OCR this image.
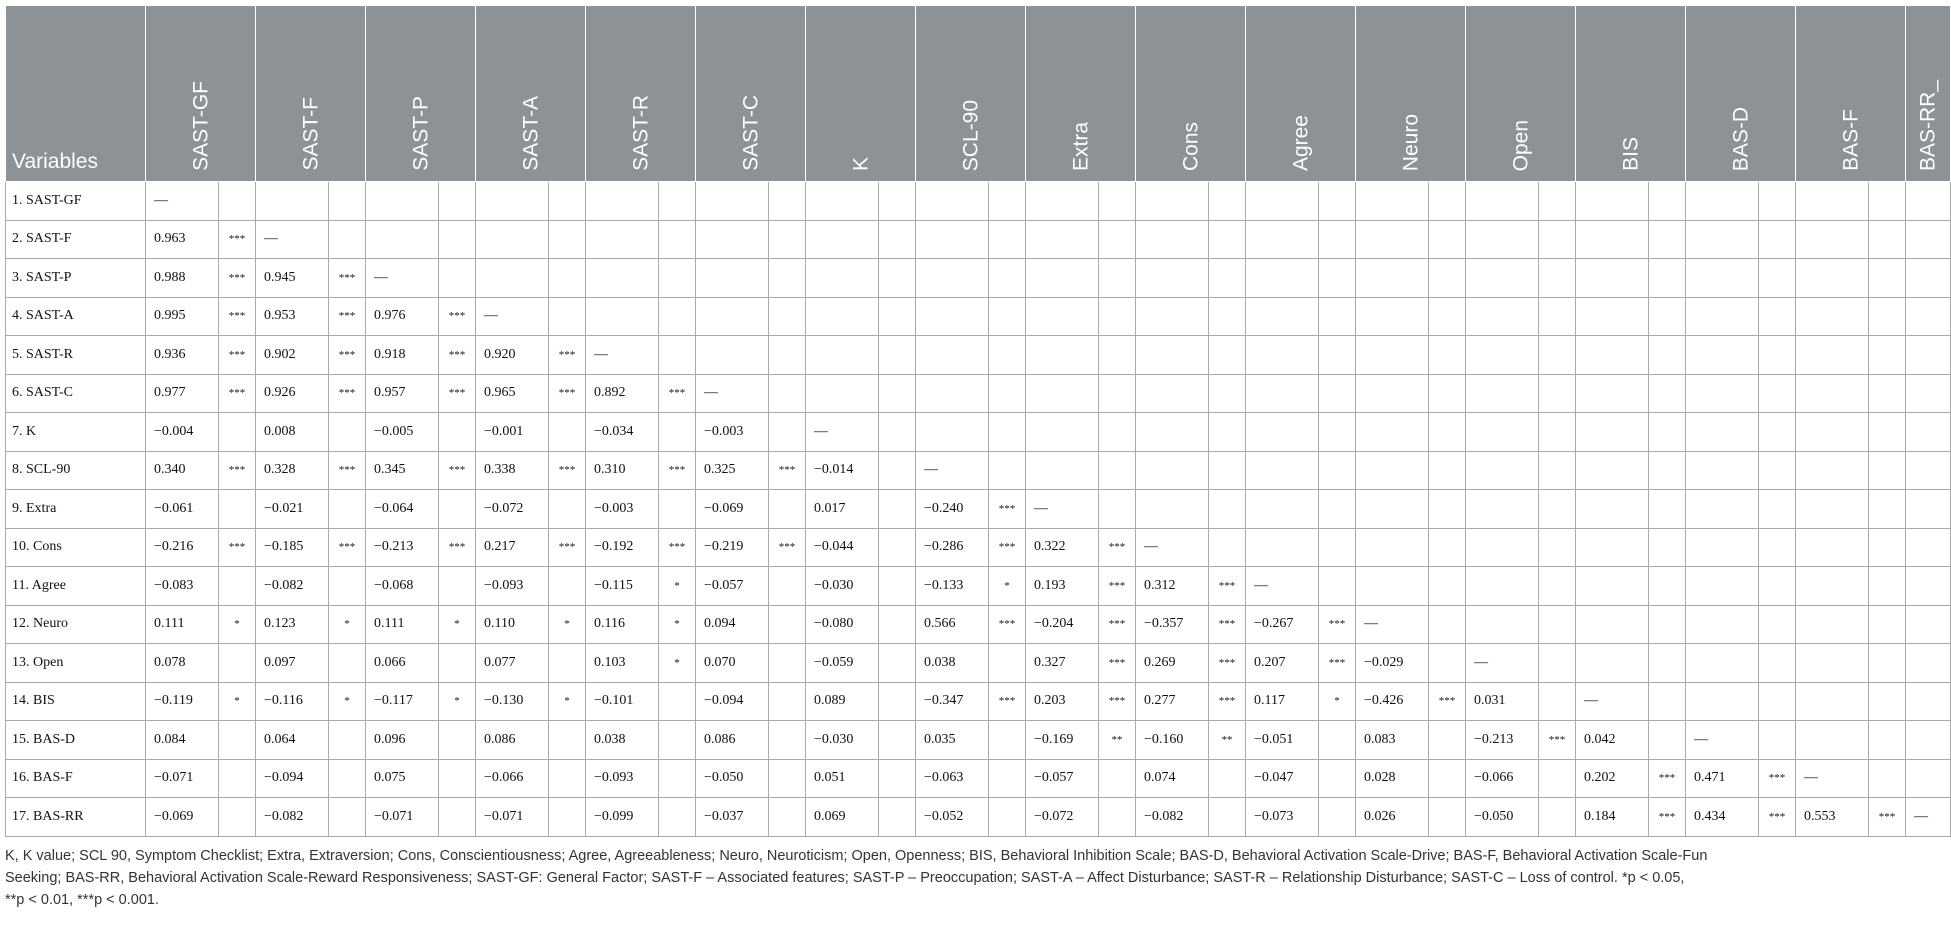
Variables	SAST-GF		SAST-F		SAST-P		SAST-A		SAST-R		SAST-C		K		SCL-90		Extra		Cons		Agree		Neuro		Open		BIS		BAS-D		BAS-F		BAS-RR_

1. SAST-GF	—																																
2. SAST-F	0.963	***	—																														
3. SAST-P	0.988	***	0.945	***	—																												
4. SAST-A	0.995	***	0.953	***	0.976	***	—																										
5. SAST-R	0.936	***	0.902	***	0.918	***	0.920	***	—																								
6. SAST-C	0.977	***	0.926	***	0.957	***	0.965	***	0.892	***	—																						
7. K	−0.004		0.008		−0.005		−0.001		−0.034		−0.003		—																				
8. SCL-90	0.340	***	0.328	***	0.345	***	0.338	***	0.310	***	0.325	***	−0.014		—																		
9. Extra	−0.061		−0.021		−0.064		−0.072		−0.003		−0.069		0.017		−0.240	***	—																
10. Cons	−0.216	***	−0.185	***	−0.213	***	0.217	***	−0.192	***	−0.219	***	−0.044		−0.286	***	0.322	***	—														
11. Agree	−0.083		−0.082		−0.068		−0.093		−0.115	*	−0.057		−0.030		−0.133	*	0.193	***	0.312	***	—												
12. Neuro	0.111	*	0.123	*	0.111	*	0.110	*	0.116	*	0.094		−0.080		0.566	***	−0.204	***	−0.357	***	−0.267	***	—										
13. Open	0.078		0.097		0.066		0.077		0.103	*	0.070		−0.059		0.038		0.327	***	0.269	***	0.207	***	−0.029		—								
14. BIS	−0.119	*	−0.116	*	−0.117	*	−0.130	*	−0.101		−0.094		0.089		−0.347	***	0.203	***	0.277	***	0.117	*	−0.426	***	0.031		—						
15. BAS-D	0.084		0.064		0.096		0.086		0.038		0.086		−0.030		0.035		−0.169	**	−0.160	**	−0.051		0.083		−0.213	***	0.042		—				
16. BAS-F	−0.071		−0.094		0.075		−0.066		−0.093		−0.050		0.051		−0.063		−0.057		0.074		−0.047		0.028		−0.066		0.202	***	0.471	***	—		
17. BAS-RR	−0.069		−0.082		−0.071		−0.071		−0.099		−0.037		0.069		−0.052		−0.072		−0.082		−0.073		0.026		−0.050		0.184	***	0.434	***	0.553	***	—
K, K value; SCL 90, Symptom Checklist; Extra, Extraversion; Cons, Conscientiousness; Agree, Agreeableness; Neuro, Neuroticism; Open, Openness; BIS, Behavioral Inhibition Scale; BAS-D, Behavioral Activation Scale-Drive; BAS-F, Behavioral Activation Scale-Fun
Seeking; BAS-RR, Behavioral Activation Scale-Reward Responsiveness; SAST-GF: General Factor; SAST-F – Associated features; SAST-P – Preoccupation; SAST-A – Affect Disturbance; SAST-R – Relationship Disturbance; SAST-C – Loss of control. *p < 0.05,
**p < 0.01, ***p < 0.001.
